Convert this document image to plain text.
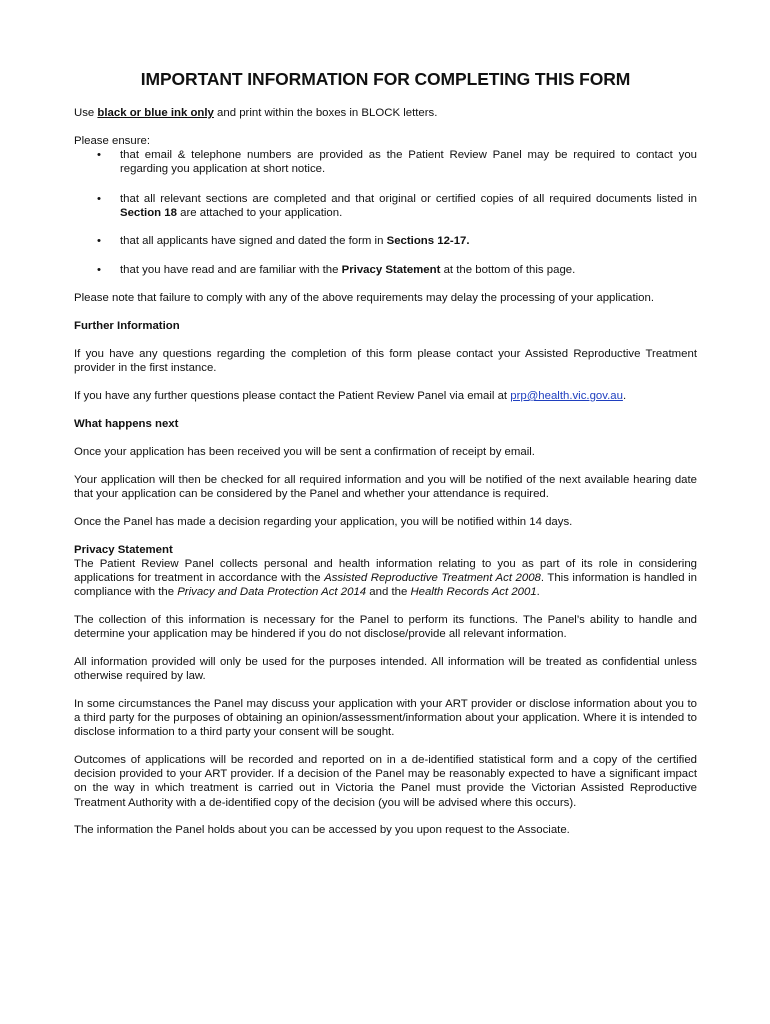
IMPORTANT INFORMATION FOR COMPLETING THIS FORM

Use black or blue ink only and print within the boxes in BLOCK letters.

Please ensure:

•	that email & telephone numbers are provided as the Patient Review Panel may be required to contact you regarding you application at short notice.

•	that all relevant sections are completed and that original or certified copies of all required documents listed in Section 18 are attached to your application.

•	that all applicants have signed and dated the form in Sections 12-17.

•	that you have read and are familiar with the Privacy Statement at the bottom of this page.

Please note that failure to comply with any of the above requirements may delay the processing of your application.

Further Information

If you have any questions regarding the completion of this form please contact your Assisted Reproductive Treatment provider in the first instance.

If you have any further questions please contact the Patient Review Panel via email at prp@health.vic.gov.au.

What happens next

Once your application has been received you will be sent a confirmation of receipt by email.

Your application will then be checked for all required information and you will be notified of the next available hearing date that your application can be considered by the Panel and whether your attendance is required.

Once the Panel has made a decision regarding your application, you will be notified within 14 days.

Privacy Statement

The Patient Review Panel collects personal and health information relating to you as part of its role in considering applications for treatment in accordance with the Assisted Reproductive Treatment Act 2008. This information is handled in compliance with the Privacy and Data Protection Act 2014 and the Health Records Act 2001.

The collection of this information is necessary for the Panel to perform its functions. The Panel’s ability to handle and determine your application may be hindered if you do not disclose/provide all relevant information.

All information provided will only be used for the purposes intended. All information will be treated as confidential unless otherwise required by law.

In some circumstances the Panel may discuss your application with your ART provider or disclose information about you to a third party for the purposes of obtaining an opinion/assessment/information about your application. Where it is intended to disclose information to a third party your consent will be sought.

Outcomes of applications will be recorded and reported on in a de-identified statistical form and a copy of the certified decision provided to your ART provider. If a decision of the Panel may be reasonably expected to have a significant impact on the way in which treatment is carried out in Victoria the Panel must provide the Victorian Assisted Reproductive Treatment Authority with a de-identified copy of the decision (you will be advised where this occurs).

The information the Panel holds about you can be accessed by you upon request to the Associate.
